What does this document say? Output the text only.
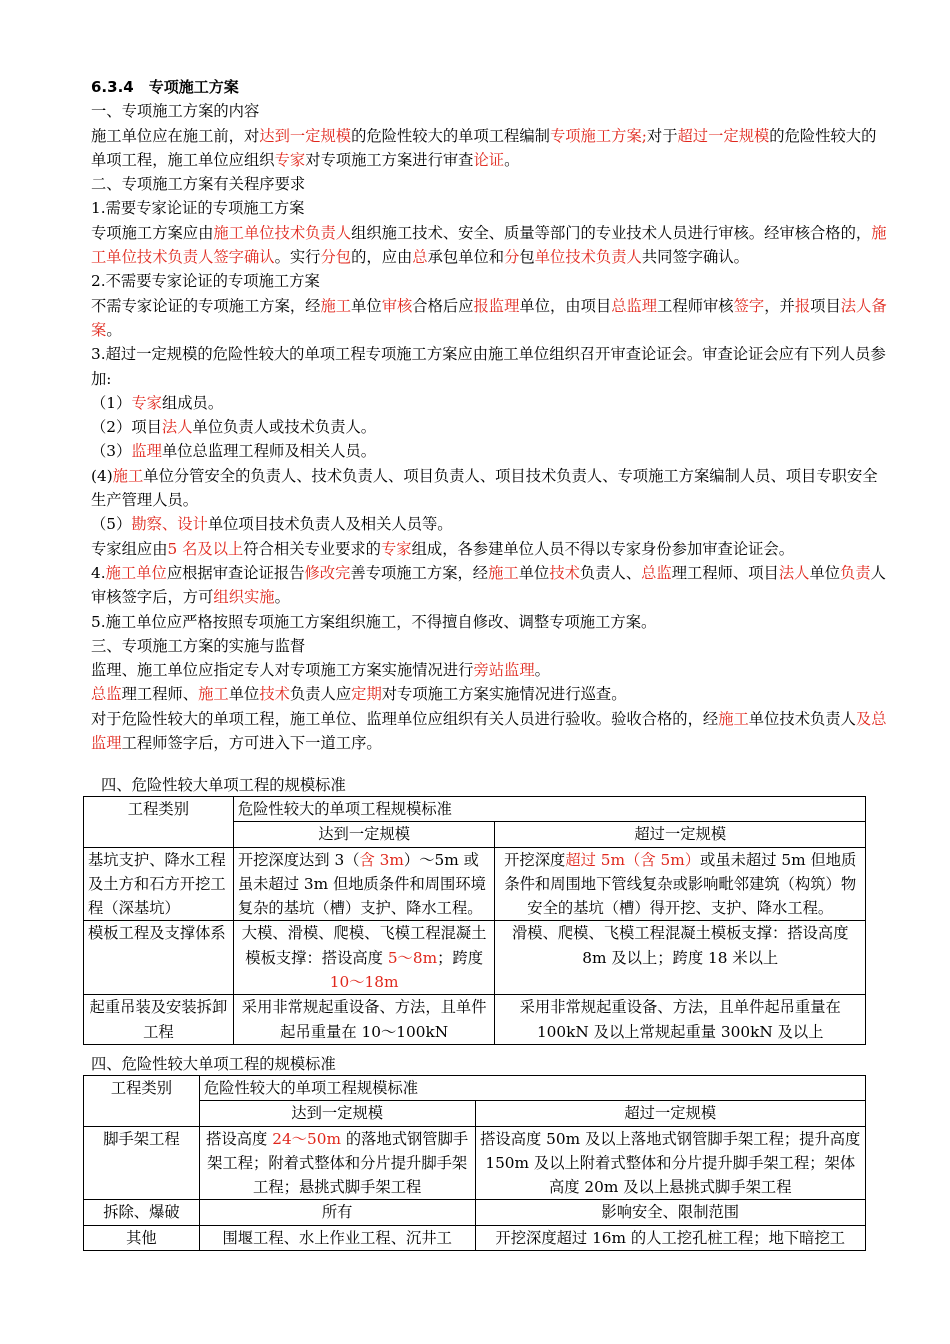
6.3.4　专项施工方案

一、专项施工方案的内容

施工单位应在施工前，对达到一定规模的危险性较大的单项工程编制专项施工方案;对于超过一定规模的危险性较大的单项工程，施工单位应组织专家对专项施工方案进行审查论证。

二、专项施工方案有关程序要求

1.需要专家论证的专项施工方案

专项施工方案应由施工单位技术负责人组织施工技术、安全、质量等部门的专业技术人员进行审核。经审核合格的，施工单位技术负责人签字确认。实行分包的，应由总承包单位和分包单位技术负责人共同签字确认。

2.不需要专家论证的专项施工方案

不需专家论证的专项施工方案，经施工单位审核合格后应报监理单位，由项目总监理工程师审核签字，并报项目法人备案。

3.超过一定规模的危险性较大的单项工程专项施工方案应由施工单位组织召开审查论证会。审查论证会应有下列人员参加:

（1）专家组成员。

（2）项目法人单位负责人或技术负责人。

（3）监理单位总监理工程师及相关人员。

(4)施工单位分管安全的负责人、技术负责人、项目负责人、项目技术负责人、专项施工方案编制人员、项目专职安全生产管理人员。

（5）勘察、设计单位项目技术负责人及相关人员等。

专家组应由5 名及以上符合相关专业要求的专家组成，各参建单位人员不得以专家身份参加审查论证会。

4.施工单位应根据审查论证报告修改完善专项施工方案，经施工单位技术负责人、总监理工程师、项目法人单位负责人审核签字后，方可组织实施。

5.施工单位应严格按照专项施工方案组织施工，不得擅自修改、调整专项施工方案。

三、专项施工方案的实施与监督

监理、施工单位应指定专人对专项施工方案实施情况进行旁站监理。

总监理工程师、施工单位技术负责人应定期对专项施工方案实施情况进行巡查。

对于危险性较大的单项工程，施工单位、监理单位应组织有关人员进行验收。验收合格的，经施工单位技术负责人及总监理工程师签字后，方可进入下一道工序。

四、危险性较大单项工程的规模标准
工程类别	危险性较大的单项工程规模标准	
	达到一定规模	超过一定规模
基坑支护、降水工程及土方和石方开挖工程（深基坑）	开挖深度达到 3（含 3m）～5m 或虽未超过 3m 但地质条件和周围环境复杂的基坑（槽）支护、降水工程。	开挖深度超过 5m（含 5m）或虽未超过 5m 但地质条件和周围地下管线复杂或影响毗邻建筑（构筑）物安全的基坑（槽）得开挖、支护、降水工程。
模板工程及支撑体系	大模、滑模、爬模、飞模工程混凝土模板支撑：搭设高度 5～8m；跨度 10～18m	滑模、爬模、飞模工程混凝土模板支撑：搭设高度 8m 及以上；跨度 18 米以上
起重吊装及安装拆卸工程	采用非常规起重设备、方法，且单件起吊重量在 10～100kN	采用非常规起重设备、方法，且单件起吊重量在 100kN 及以上常规起重量 300kN 及以上
四、危险性较大单项工程的规模标准
工程类别	危险性较大的单项工程规模标准	
	达到一定规模	超过一定规模
脚手架工程	搭设高度 24～50m 的落地式钢管脚手架工程；附着式整体和分片提升脚手架工程；悬挑式脚手架工程	搭设高度 50m 及以上落地式钢管脚手架工程；提升高度 150m 及以上附着式整体和分片提升脚手架工程；架体高度 20m 及以上悬挑式脚手架工程
拆除、爆破	所有	影响安全、限制范围
其他	围堰工程、水上作业工程、沉井工	开挖深度超过 16m 的人工挖孔桩工程；地下暗挖工
